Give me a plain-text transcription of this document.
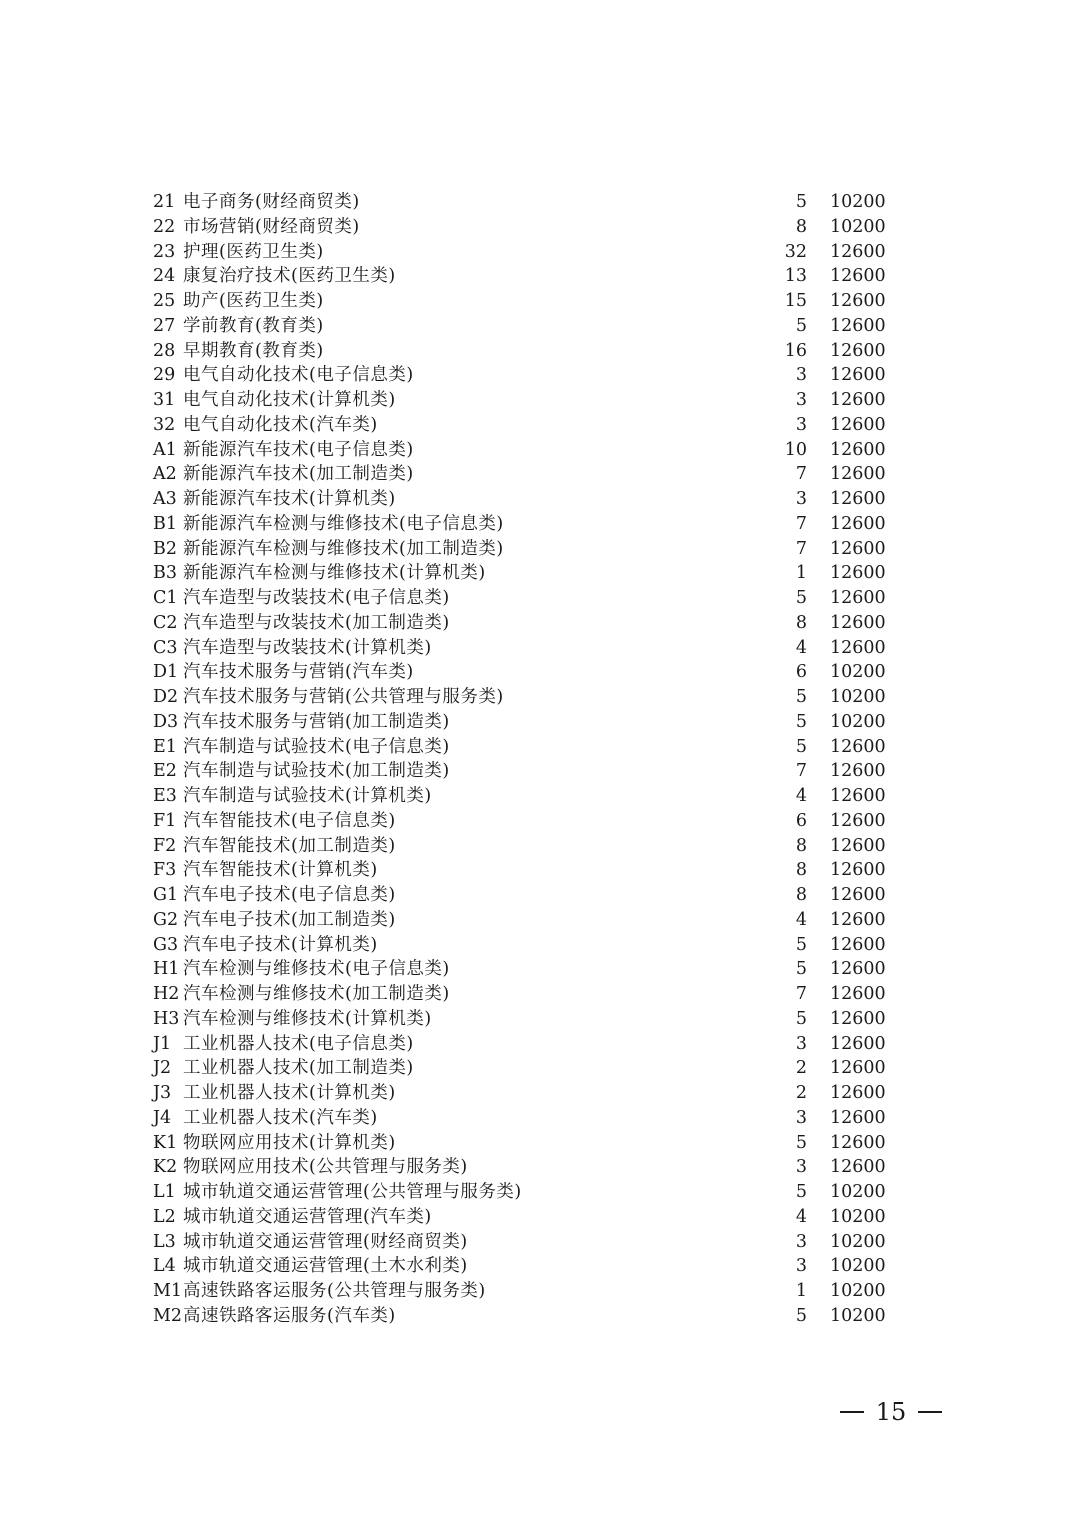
21 电子商务(财经商贸类)	5 10200
22 市场营销(财经商贸类)	8 10200
23 护理(医药卫生类)	32 12600
24 康复治疗技术(医药卫生类)	13 12600
25 助产(医药卫生类)	15 12600
27 学前教育(教育类)	5 12600
28 早期教育(教育类)	16 12600
29 电气自动化技术(电子信息类)	3 12600
31 电气自动化技术(计算机类)	3 12600
32 电气自动化技术(汽车类)	3 12600
A1 新能源汽车技术(电子信息类)	10 12600
A2 新能源汽车技术(加工制造类)	7 12600
A3 新能源汽车技术(计算机类)	3 12600
B1 新能源汽车检测与维修技术(电子信息类)	7 12600
B2 新能源汽车检测与维修技术(加工制造类)	7 12600
B3 新能源汽车检测与维修技术(计算机类)	1 12600
C1 汽车造型与改装技术(电子信息类)	5 12600
C2 汽车造型与改装技术(加工制造类)	8 12600
C3 汽车造型与改装技术(计算机类)	4 12600
D1 汽车技术服务与营销(汽车类)	6 10200
D2 汽车技术服务与营销(公共管理与服务类)	5 10200
D3 汽车技术服务与营销(加工制造类)	5 10200
E1 汽车制造与试验技术(电子信息类)	5 12600
E2 汽车制造与试验技术(加工制造类)	7 12600
E3 汽车制造与试验技术(计算机类)	4 12600
F1 汽车智能技术(电子信息类)	6 12600
F2 汽车智能技术(加工制造类)	8 12600
F3 汽车智能技术(计算机类)	8 12600
G1 汽车电子技术(电子信息类)	8 12600
G2 汽车电子技术(加工制造类)	4 12600
G3 汽车电子技术(计算机类)	5 12600
H1 汽车检测与维修技术(电子信息类)	5 12600
H2 汽车检测与维修技术(加工制造类)	7 12600
H3 汽车检测与维修技术(计算机类)	5 12600
J1 工业机器人技术(电子信息类)	3 12600
J2 工业机器人技术(加工制造类)	2 12600
J3 工业机器人技术(计算机类)	2 12600
J4 工业机器人技术(汽车类)	3 12600
K1 物联网应用技术(计算机类)	5 12600
K2 物联网应用技术(公共管理与服务类)	3 12600
L1 城市轨道交通运营管理(公共管理与服务类)	5 10200
L2 城市轨道交通运营管理(汽车类)	4 10200
L3 城市轨道交通运营管理(财经商贸类)	3 10200
L4 城市轨道交通运营管理(土木水利类)	3 10200
M1 高速铁路客运服务(公共管理与服务类)	1 10200
M2 高速铁路客运服务(汽车类)	5 10200
15
